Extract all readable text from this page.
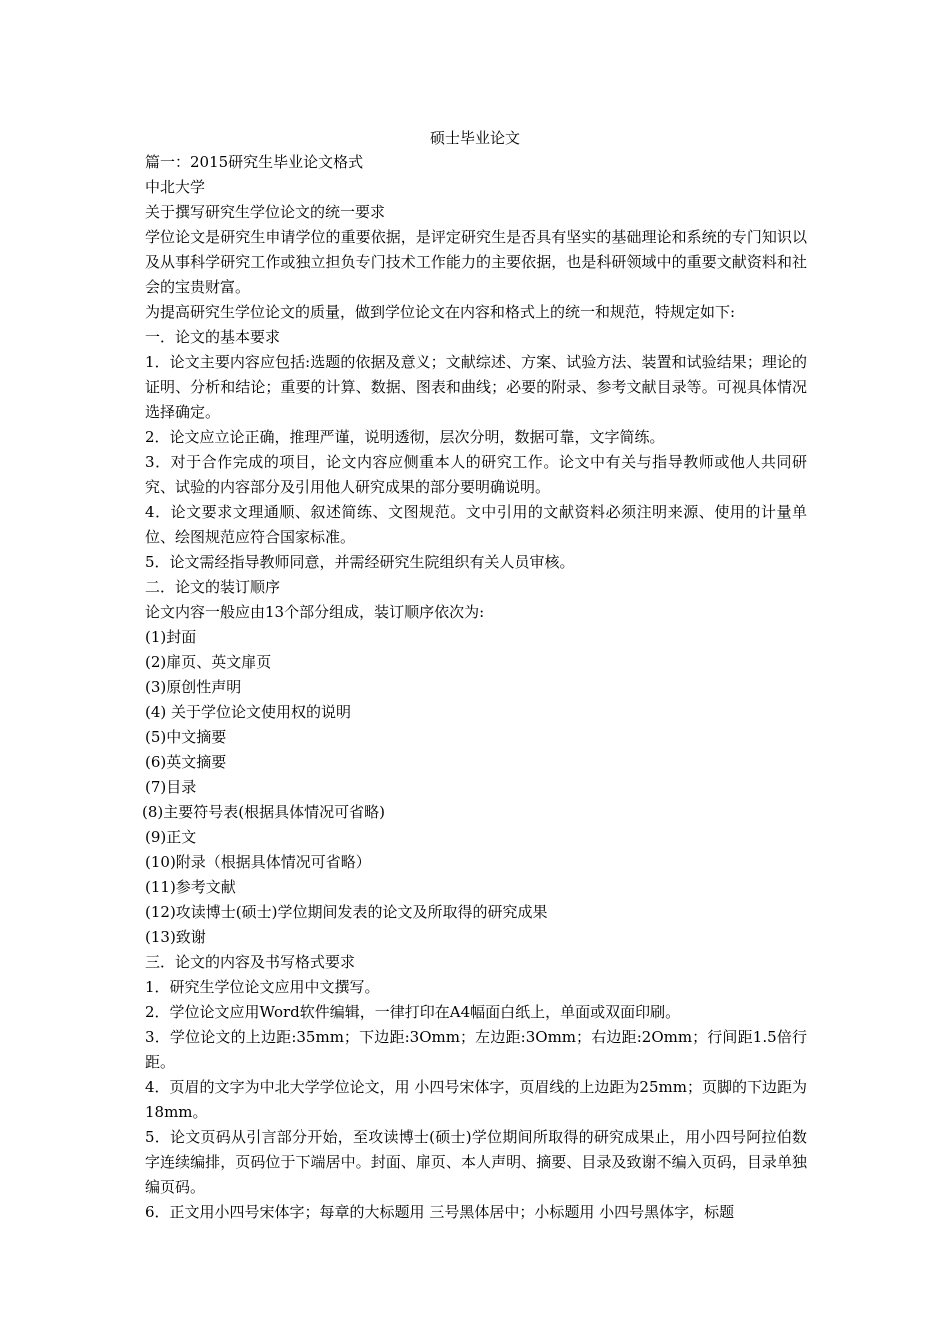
硕士毕业论文

篇一：2015研究生毕业论文格式

中北大学

关于撰写研究生学位论文的统一要求

学位论文是研究生申请学位的重要依据，是评定研究生是否具有坚实的基础理论和系统的专门知识以及从事科学研究工作或独立担负专门技术工作能力的主要依据，也是科研领域中的重要文献资料和社会的宝贵财富。

为提高研究生学位论文的质量，做到学位论文在内容和格式上的统一和规范，特规定如下:

一．论文的基本要求

1．论文主要内容应包括:选题的依据及意义；文献综述、方案、试验方法、装置和试验结果；理论的证明、分析和结论；重要的计算、数据、图表和曲线；必要的附录、参考文献目录等。可视具体情况选择确定。

2．论文应立论正确，推理严谨，说明透彻，层次分明，数据可靠，文字简练。

3．对于合作完成的项目，论文内容应侧重本人的研究工作。论文中有关与指导教师或他人共同研究、试验的内容部分及引用他人研究成果的部分要明确说明。

4．论文要求文理通顺、叙述简练、文图规范。文中引用的文献资料必须注明来源、使用的计量单位、绘图规范应符合国家标准。

5．论文需经指导教师同意，并需经研究生院组织有关人员审核。

二．论文的装订顺序

论文内容一般应由13个部分组成，装订顺序依次为:

(1)封面

(2)扉页、英文扉页

(3)原创性声明

(4) 关于学位论文使用权的说明

(5)中文摘要

(6)英文摘要

(7)目录

(8)主要符号表(根据具体情况可省略)

(9)正文

(10)附录（根据具体情况可省略）

(11)参考文献

(12)攻读博士(硕士)学位期间发表的论文及所取得的研究成果

(13)致谢

三．论文的内容及书写格式要求

1．研究生学位论文应用中文撰写。

2．学位论文应用Word软件编辑，一律打印在A4幅面白纸上，单面或双面印刷。

3．学位论文的上边距:35mm；下边距:3Omm；左边距:3Omm；右边距:2Omm；行间距1.5倍行距。

4．页眉的文字为中北大学学位论文，用 小四号宋体字，页眉线的上边距为25mm；页脚的下边距为18mm。

5．论文页码从引言部分开始，至攻读博士(硕士)学位期间所取得的研究成果止，用小四号阿拉伯数字连续编排，页码位于下端居中。封面、扉页、本人声明、摘要、目录及致谢不编入页码，目录单独编页码。

6．正文用小四号宋体字；每章的大标题用 三号黑体居中；小标题用 小四号黑体字，标题
